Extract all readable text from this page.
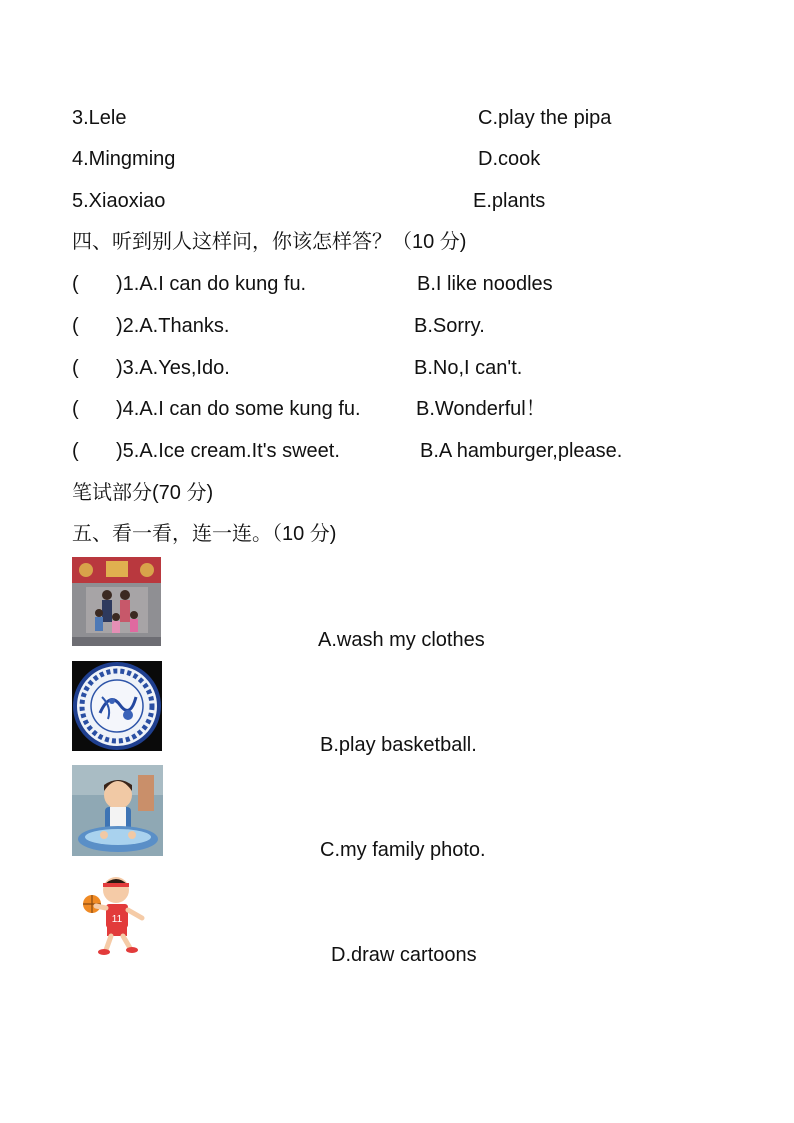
3.Lele	C.play the pipa
4.Mingming	D.cook
5.Xiaoxiao	E.plants
四、听到别人这样问，你该怎样答？（10 分)
( )1.A.I can do kung fu.	B.I like noodles
( )2.A.Thanks.	B.Sorry.
( )3.A.Yes,Ido.	B.No,I can't.
( )4.A.I can do some kung fu.	B.Wonderful！
( )5.A.Ice cream.It's sweet.	B.A hamburger,please.
笔试部分(70 分)
五、看一看，连一连。（10 分)
11
A.wash my clothes
B.play basketball.
C.my family photo.
D.draw cartoons
